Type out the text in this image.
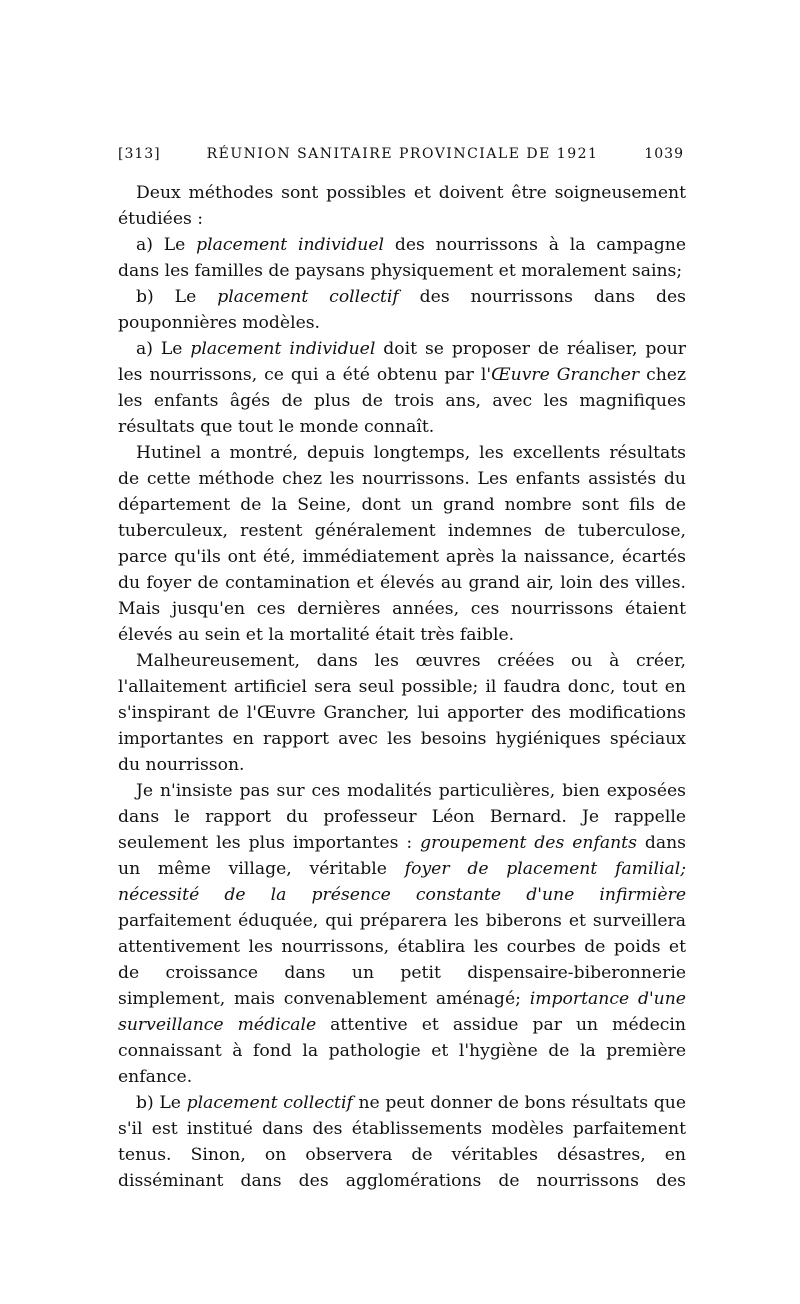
[313]	RÉUNION SANITAIRE PROVINCIALE DE 1921	1039

Deux méthodes sont possibles et doivent être soigneusement étudiées :

a) Le placement individuel des nourrissons à la campagne dans les familles de paysans physiquement et moralement sains;

b) Le placement collectif des nourrissons dans des pouponnières modèles.

a) Le placement individuel doit se proposer de réaliser, pour les nourrissons, ce qui a été obtenu par l'Œuvre Grancher chez les enfants âgés de plus de trois ans, avec les magnifiques résultats que tout le monde connaît.

Hutinel a montré, depuis longtemps, les excellents résultats de cette méthode chez les nourrissons. Les enfants assistés du département de la Seine, dont un grand nombre sont fils de tuberculeux, restent généralement indemnes de tuberculose, parce qu'ils ont été, immédiatement après la naissance, écartés du foyer de contamination et élevés au grand air, loin des villes. Mais jusqu'en ces dernières années, ces nourrissons étaient élevés au sein et la mortalité était très faible.

Malheureusement, dans les œuvres créées ou à créer, l'allaitement artificiel sera seul possible; il faudra donc, tout en s'inspirant de l'Œuvre Grancher, lui apporter des modifications importantes en rapport avec les besoins hygiéniques spéciaux du nourrisson.

Je n'insiste pas sur ces modalités particulières, bien exposées dans le rapport du professeur Léon Bernard. Je rappelle seulement les plus importantes : groupement des enfants dans un même village, véritable foyer de placement familial; nécessité de la présence constante d'une infirmière parfaitement éduquée, qui préparera les biberons et surveillera attentivement les nourrissons, établira les courbes de poids et de croissance dans un petit dispensaire-biberonnerie simplement, mais convenablement aménagé; importance d'une surveillance médicale attentive et assidue par un médecin connaissant à fond la pathologie et l'hygiène de la première enfance.

b) Le placement collectif ne peut donner de bons résultats que s'il est institué dans des établissements modèles parfaitement tenus. Sinon, on observera de véritables désastres, en disséminant dans des agglomérations de nourrissons des
